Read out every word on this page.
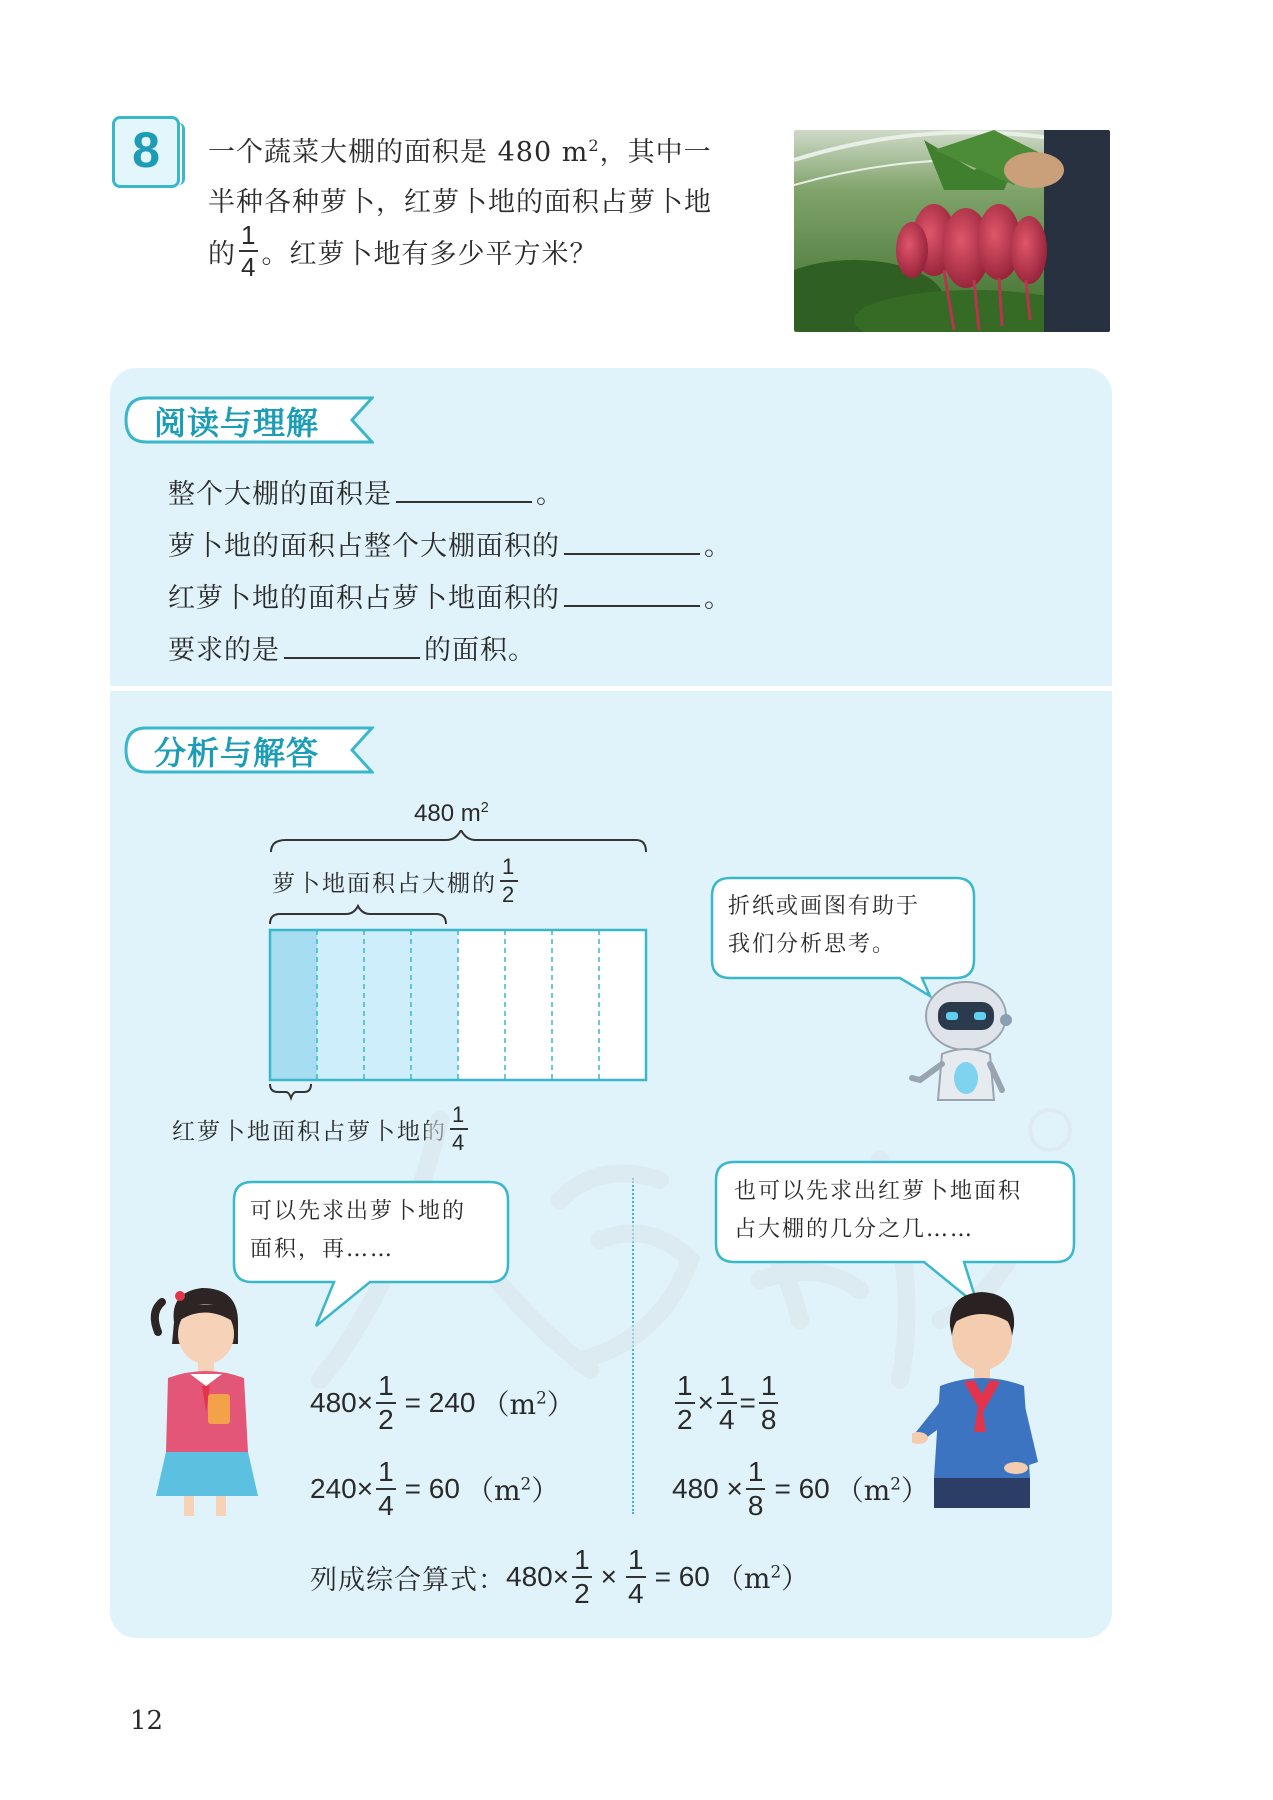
8	一个蔬菜大棚的面积是 480 $m^2$，其中一
半种各种萝卜，红萝卜地的面积占萝卜地
的 $\frac{1}{4}$ 。红萝卜地有多少平方米？
阅读与理解
整个大棚的面积是	。
萝卜地的面积占整个大棚面积的	。
红萝卜地的面积占萝卜地面积的	。
要求的是	的面积。
分析与解答
480 $m^2$
萝卜地面积占大棚的 $\frac{1}{2}$
红萝卜地面积占萝卜地的 $\frac{1}{4}$
折纸或画图有助于
我们分析思考。
可以先求出萝卜地的
面积，再……
也可以先求出红萝卜地面积
占大棚的几分之几……
$480\times \frac{1}{2} = 240$ $(m^2)$
$240\times \frac{1}{4} = 60$ $(m^2)$
$\frac{1}{2} \times \frac{1}{4} = \frac{1}{8}$
$480 \times \frac{1}{8} = 60$ $(m^2)$
列成综合算式： $480\times \frac{1}{2} \times \frac{1}{4} = 60$ $(m^2)$
12
